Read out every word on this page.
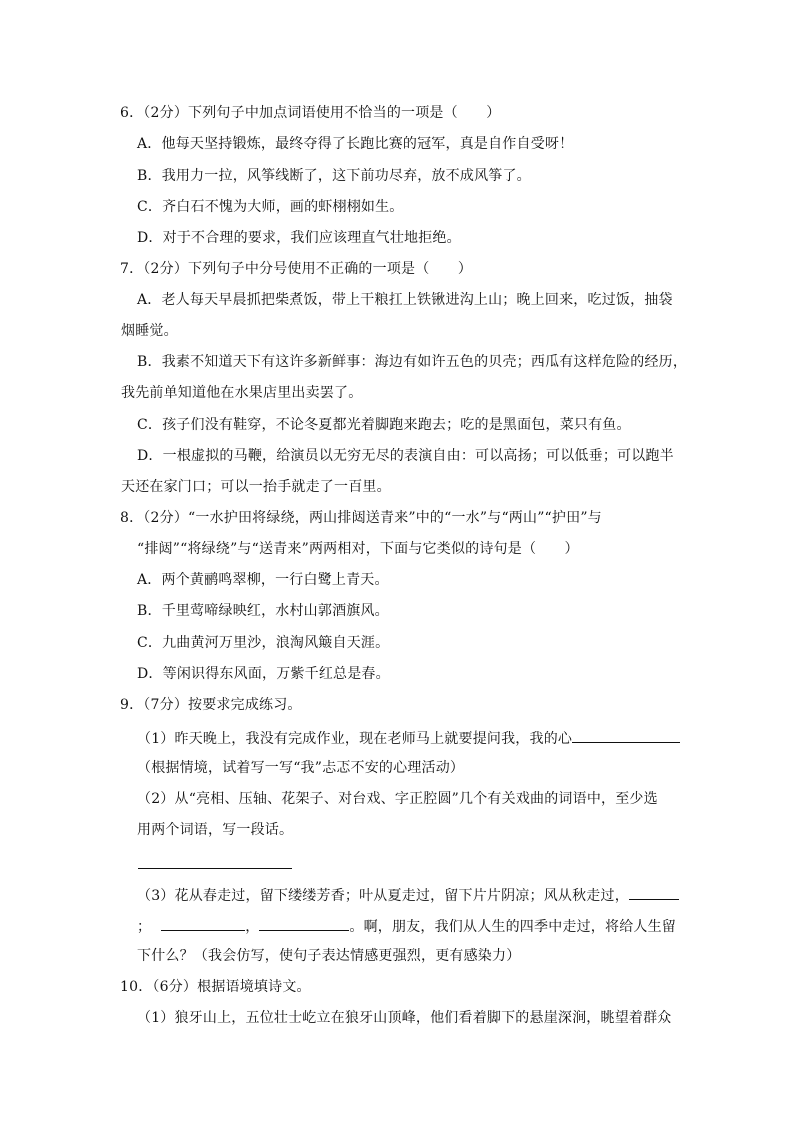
6．（2分）下列句子中加点词语使用不恰当的一项是（　　）
A．他每天坚持锻炼，最终夺得了长跑比赛的冠军，真是自作自受呀！
B．我用力一拉，风筝线断了，这下前功尽弃，放不成风筝了。
C．齐白石不愧为大师，画的虾栩栩如生。
D．对于不合理的要求，我们应该理直气壮地拒绝。
7．（2分）下列句子中分号使用不正确的一项是（　　）
A．老人每天早晨抓把柴煮饭，带上干粮扛上铁锹进沟上山；晚上回来，吃过饭，抽袋
烟睡觉。
B．我素不知道天下有这许多新鲜事：海边有如许五色的贝壳；西瓜有这样危险的经历，
我先前单知道他在水果店里出卖罢了。
C．孩子们没有鞋穿，不论冬夏都光着脚跑来跑去；吃的是黑面包，菜只有鱼。
D．一根虚拟的马鞭，给演员以无穷无尽的表演自由：可以高扬；可以低垂；可以跑半
天还在家门口；可以一抬手就走了一百里。
8．（2分）“一水护田将绿绕，两山排闼送青来”中的“一水”与“两山”“护田”与
“排闼”“将绿绕”与“送青来”两两相对，下面与它类似的诗句是（　　）
A．两个黄鹂鸣翠柳，一行白鹭上青天。
B．千里莺啼绿映红，水村山郭酒旗风。
C．九曲黄河万里沙，浪淘风簸自天涯。
D．等闲识得东风面，万紫千红总是春。
9．（7分）按要求完成练习。
（1）昨天晚上，我没有完成作业，现在老师马上就要提问我，我的心
（根据情境，试着写一写“我”忐忑不安的心理活动）
（2）从“亮相、压轴、花架子、对台戏、字正腔圆”几个有关戏曲的词语中，至少选
用两个词语，写一段话。
（3）花从春走过，留下缕缕芳香；叶从夏走过，留下片片阴凉；风从秋走过，
；	，	。啊，朋友，我们从人生的四季中走过，将给人生留
下什么？（我会仿写，使句子表达情感更强烈，更有感染力）
10．（6分）根据语境填诗文。
（1）狼牙山上，五位壮士屹立在狼牙山顶峰，他们看着脚下的悬崖深涧，眺望着群众
